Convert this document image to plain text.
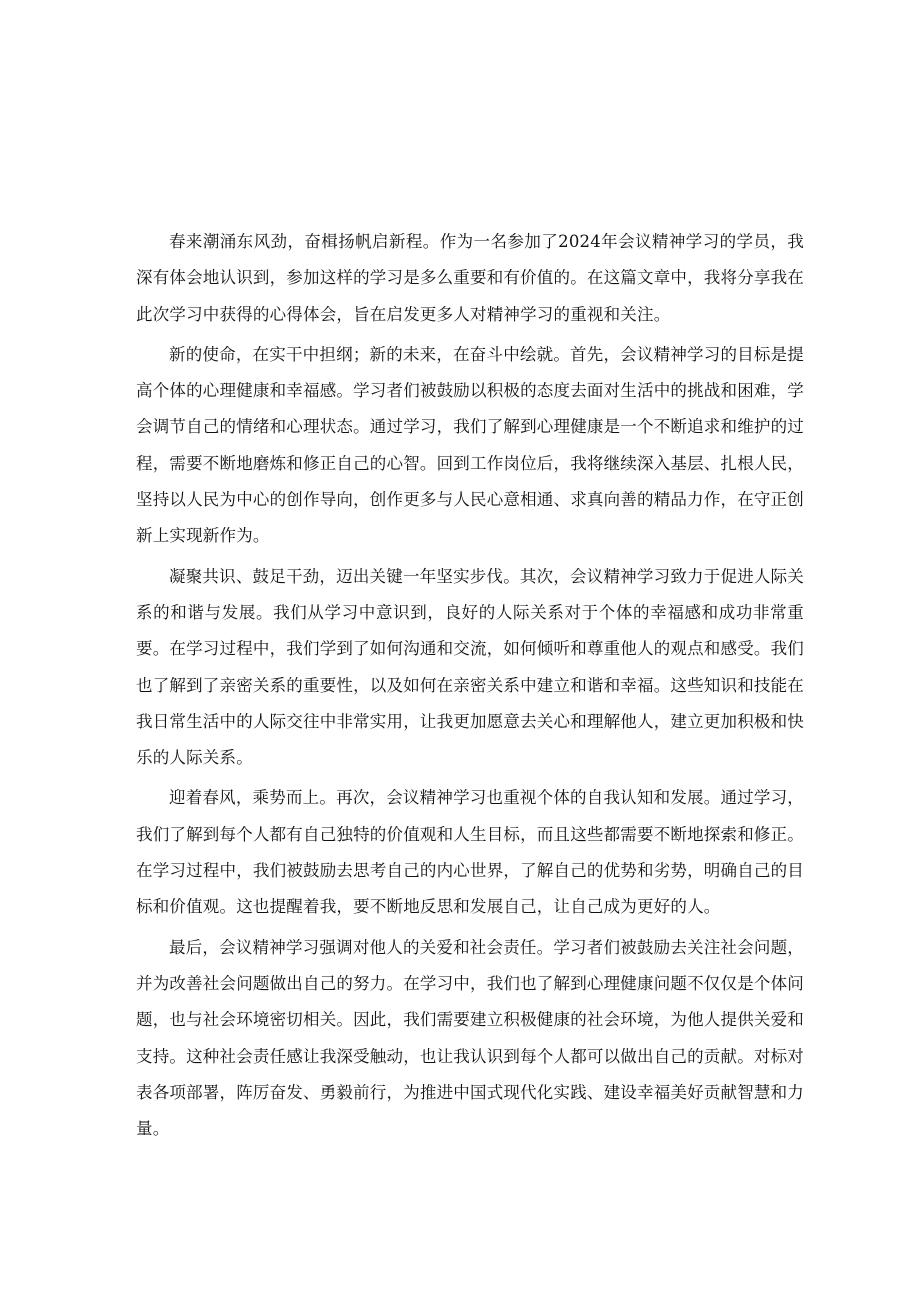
春来潮涌东风劲，奋楫扬帆启新程。作为一名参加了2024年会议精神学习的学员，我深有体会地认识到，参加这样的学习是多么重要和有价值的。在这篇文章中，我将分享我在此次学习中获得的心得体会，旨在启发更多人对精神学习的重视和关注。

新的使命，在实干中担纲；新的未来，在奋斗中绘就。首先，会议精神学习的目标是提高个体的心理健康和幸福感。学习者们被鼓励以积极的态度去面对生活中的挑战和困难，学会调节自己的情绪和心理状态。通过学习，我们了解到心理健康是一个不断追求和维护的过程，需要不断地磨炼和修正自己的心智。回到工作岗位后，我将继续深入基层、扎根人民，坚持以人民为中心的创作导向，创作更多与人民心意相通、求真向善的精品力作，在守正创新上实现新作为。

凝聚共识、鼓足干劲，迈出关键一年坚实步伐。其次，会议精神学习致力于促进人际关系的和谐与发展。我们从学习中意识到，良好的人际关系对于个体的幸福感和成功非常重要。在学习过程中，我们学到了如何沟通和交流，如何倾听和尊重他人的观点和感受。我们也了解到了亲密关系的重要性，以及如何在亲密关系中建立和谐和幸福。这些知识和技能在我日常生活中的人际交往中非常实用，让我更加愿意去关心和理解他人，建立更加积极和快乐的人际关系。

迎着春风，乘势而上。再次，会议精神学习也重视个体的自我认知和发展。通过学习，我们了解到每个人都有自己独特的价值观和人生目标，而且这些都需要不断地探索和修正。在学习过程中，我们被鼓励去思考自己的内心世界，了解自己的优势和劣势，明确自己的目标和价值观。这也提醒着我，要不断地反思和发展自己，让自己成为更好的人。

最后，会议精神学习强调对他人的关爱和社会责任。学习者们被鼓励去关注社会问题，并为改善社会问题做出自己的努力。在学习中，我们也了解到心理健康问题不仅仅是个体问题，也与社会环境密切相关。因此，我们需要建立积极健康的社会环境，为他人提供关爱和支持。这种社会责任感让我深受触动，也让我认识到每个人都可以做出自己的贡献。对标对表各项部署，阵厉奋发、勇毅前行，为推进中国式现代化实践、建设幸福美好贡献智慧和力量。
